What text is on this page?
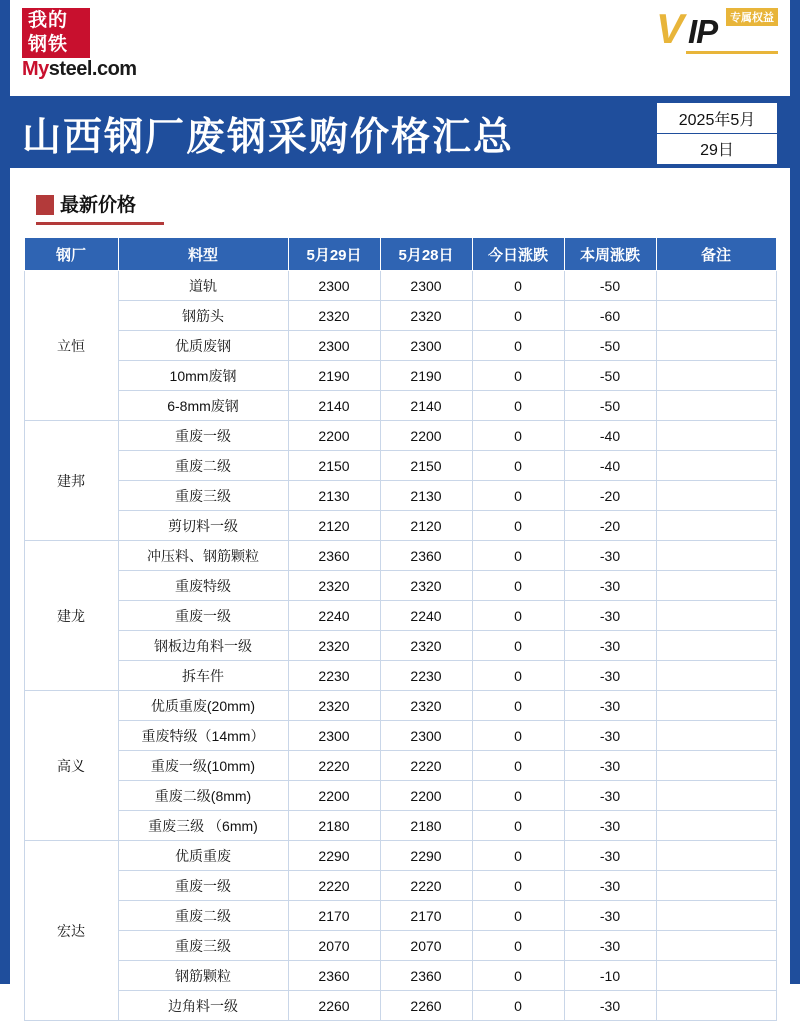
我的
钢铁
Mysteel.com
V IP	专属权益
山西钢厂废钢采购价格汇总	2025年5月
29日
最新价格
钢厂	料型	5月29日	5月28日	今日涨跌	本周涨跌	备注
立恒	道轨	2300	2300	0	-50	
	钢筋头	2320	2320	0	-60	
	优质废钢	2300	2300	0	-50	
	10mm废钢	2190	2190	0	-50	
	6-8mm废钢	2140	2140	0	-50	
建邦	重废一级	2200	2200	0	-40	
	重废二级	2150	2150	0	-40	
	重废三级	2130	2130	0	-20	
	剪切料一级	2120	2120	0	-20	
建龙	冲压料、钢筋颗粒	2360	2360	0	-30	
	重废特级	2320	2320	0	-30	
	重废一级	2240	2240	0	-30	
	钢板边角料一级	2320	2320	0	-30	
	拆车件	2230	2230	0	-30	
高义	优质重废(20mm)	2320	2320	0	-30	
	重废特级（14mm）	2300	2300	0	-30	
	重废一级(10mm)	2220	2220	0	-30	
	重废二级(8mm)	2200	2200	0	-30	
	重废三级 （6mm)	2180	2180	0	-30	
宏达	优质重废	2290	2290	0	-30	
	重废一级	2220	2220	0	-30	
	重废二级	2170	2170	0	-30	
	重废三级	2070	2070	0	-30	
	钢筋颗粒	2360	2360	0	-10	
	边角料一级	2260	2260	0	-30	
